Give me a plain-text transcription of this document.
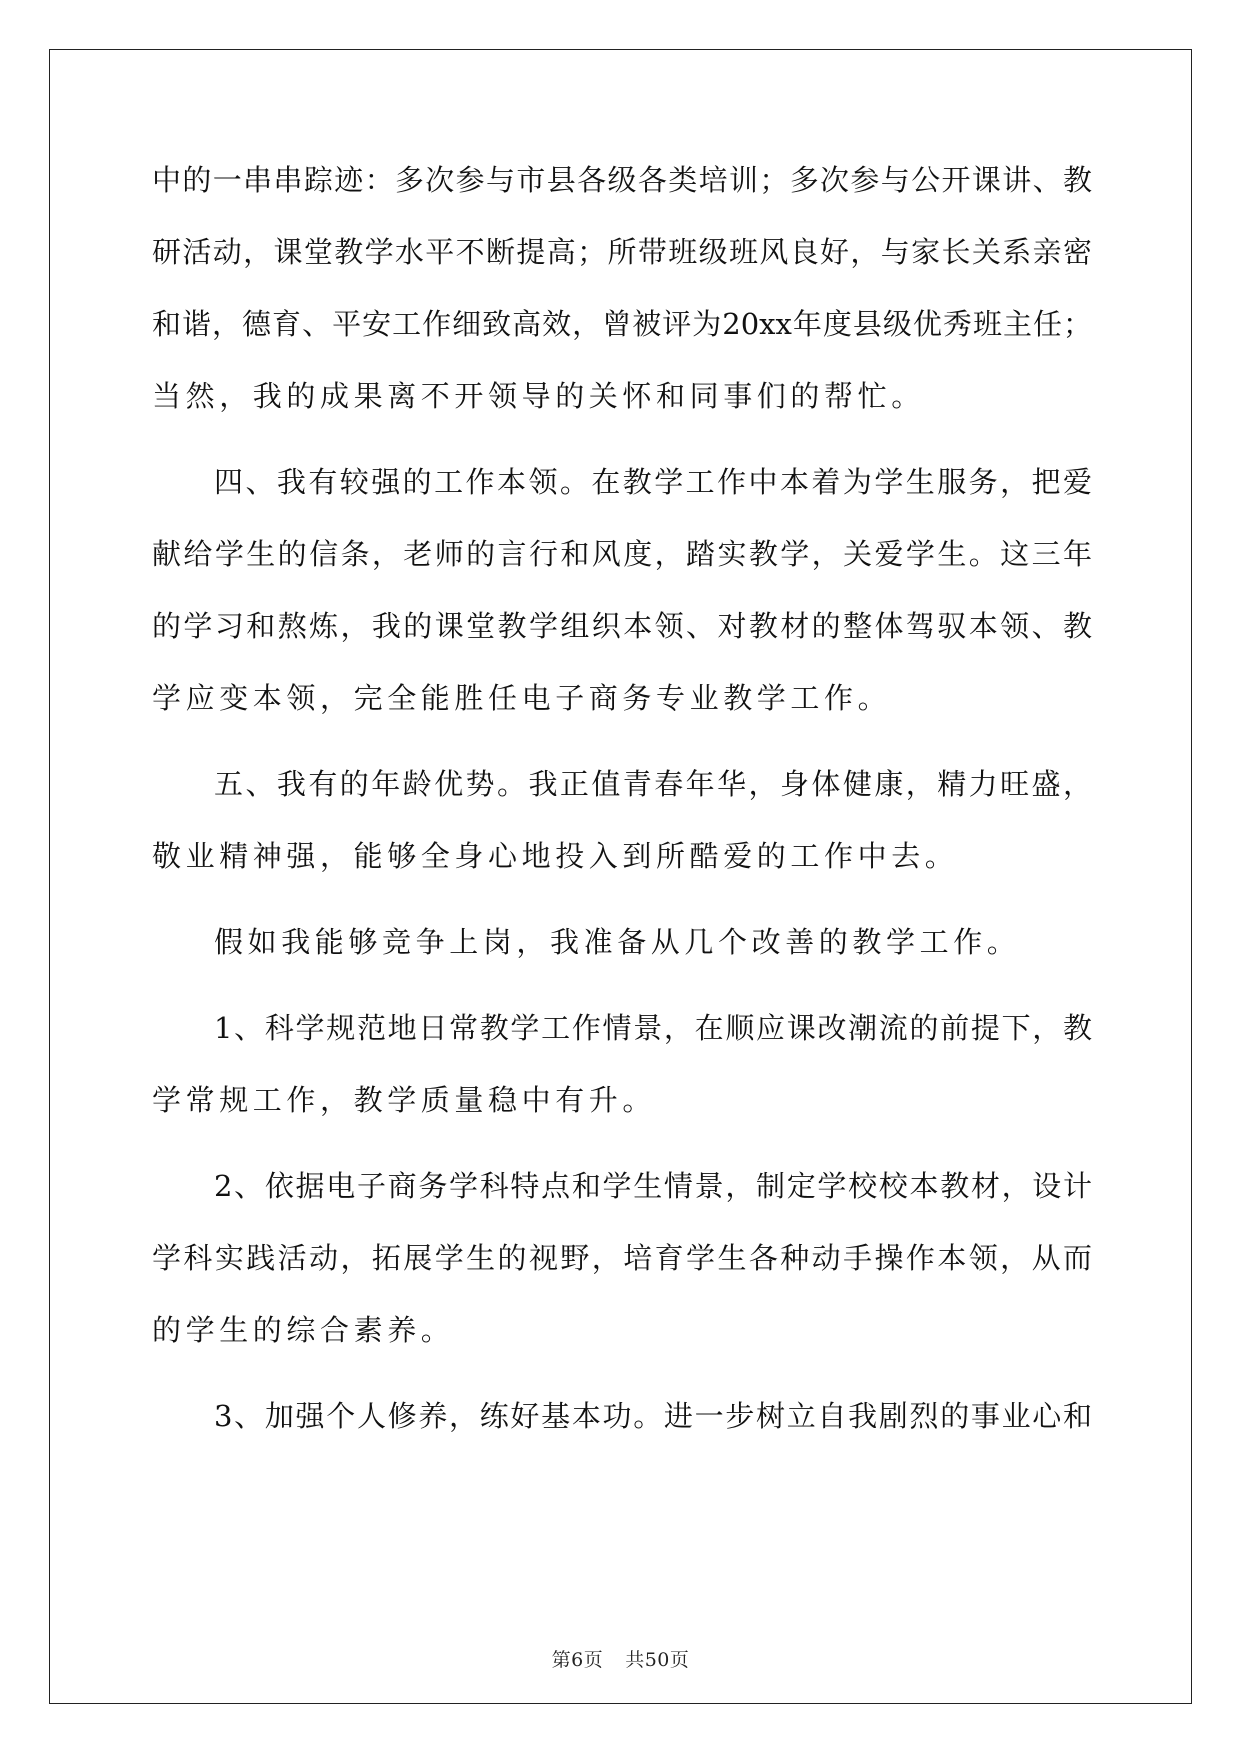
中的一串串踪迹：多次参与市县各级各类培训；多次参与公开课讲、教
研活动，课堂教学水平不断提高；所带班级班风良好，与家长关系亲密
和谐，德育、平安工作细致高效，曾被评为20xx年度县级优秀班主任；
当然，我的成果离不开领导的关怀和同事们的帮忙。
四、我有较强的工作本领。在教学工作中本着为学生服务，把爱
献给学生的信条，老师的言行和风度，踏实教学，关爱学生。这三年
的学习和熬炼，我的课堂教学组织本领、对教材的整体驾驭本领、教
学应变本领，完全能胜任电子商务专业教学工作。
五、我有的年龄优势。我正值青春年华，身体健康，精力旺盛，
敬业精神强，能够全身心地投入到所酷爱的工作中去。
假如我能够竞争上岗，我准备从几个改善的教学工作。
1、科学规范地日常教学工作情景，在顺应课改潮流的前提下，教
学常规工作，教学质量稳中有升。
2、依据电子商务学科特点和学生情景，制定学校校本教材，设计
学科实践活动，拓展学生的视野，培育学生各种动手操作本领，从而
的学生的综合素养。
3、加强个人修养，练好基本功。进一步树立自我剧烈的事业心和
第6页 共50页
